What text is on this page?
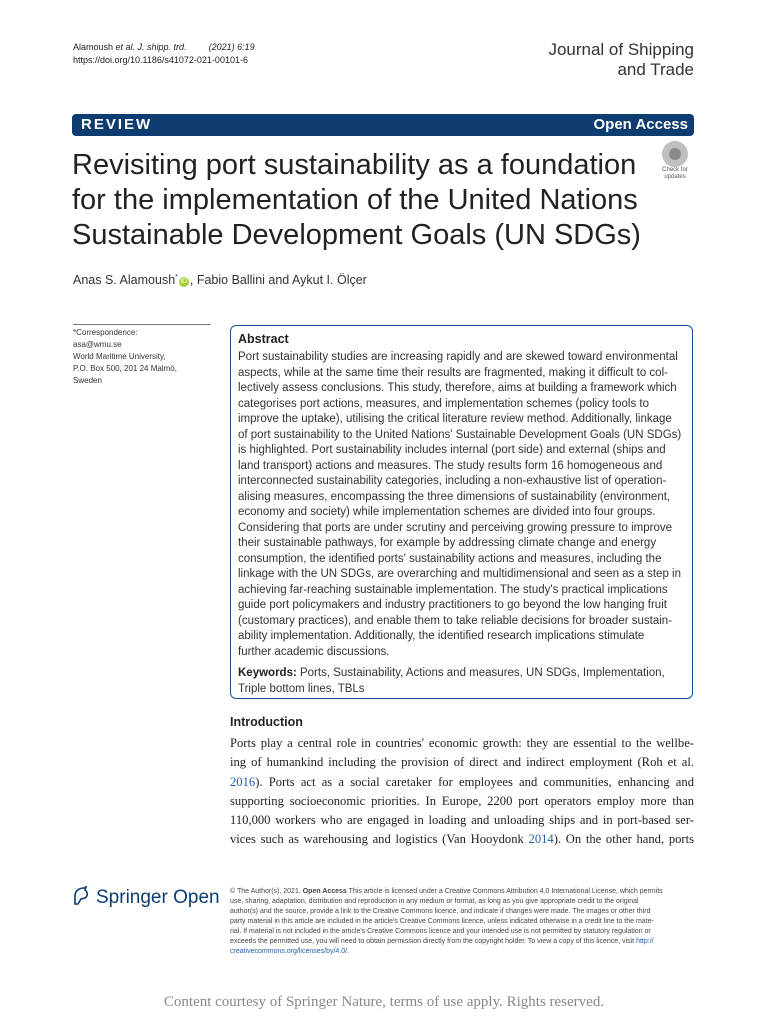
Alamoush et al. J. shipp. trd. (2021) 6:19
https://doi.org/10.1186/s41072-021-00101-6
Journal of Shipping
and Trade
REVIEW	Open Access
Revisiting port sustainability as a foundation for the implementation of the United Nations Sustainable Development Goals (UN SDGs)
Check for
updates
Anas S. Alamoush*iD , Fabio Ballini and Aykut I. Ölçer
*Correspondence:
asa@wmu.se
World Maritime University,
P.O. Box 500, 201 24 Malmö,
Sweden
Abstract
Port sustainability studies are increasing rapidly and are skewed toward environmental
aspects, while at the same time their results are fragmented, making it difficult to col-
lectively assess conclusions. This study, therefore, aims at building a framework which
categorises port actions, measures, and implementation schemes (policy tools to
improve the uptake), utilising the critical literature review method. Additionally, linkage
of port sustainability to the United Nations' Sustainable Development Goals (UN SDGs)
is highlighted. Port sustainability includes internal (port side) and external (ships and
land transport) actions and measures. The study results form 16 homogeneous and
interconnected sustainability categories, including a non-exhaustive list of operation-
alising measures, encompassing the three dimensions of sustainability (environment,
economy and society) while implementation schemes are divided into four groups.
Considering that ports are under scrutiny and perceiving growing pressure to improve
their sustainable pathways, for example by addressing climate change and energy
consumption, the identified ports' sustainability actions and measures, including the
linkage with the UN SDGs, are overarching and multidimensional and seen as a step in
achieving far-reaching sustainable implementation. The study's practical implications
guide port policymakers and industry practitioners to go beyond the low hanging fruit
(customary practices), and enable them to take reliable decisions for broader sustain-
ability implementation. Additionally, the identified research implications stimulate
further academic discussions.
Keywords: Ports, Sustainability, Actions and measures, UN SDGs, Implementation,
Triple bottom lines, TBLs
Introduction
Ports play a central role in countries' economic growth: they are essential to the wellbe-
ing of humankind including the provision of direct and indirect employment (Roh et al.
2016). Ports act as a social caretaker for employees and communities, enhancing and
supporting socioeconomic priorities. In Europe, 2200 port operators employ more than
110,000 workers who are engaged in loading and unloading ships and in port-based ser-
vices such as warehousing and logistics (Van Hooydonk 2014). On the other hand, ports
Springer Open © The Author(s), 2021. Open Access This article is licensed under a Creative Commons Attribution 4.0 International License, which permits
use, sharing, adaptation, distribution and reproduction in any medium or format, as long as you give appropriate credit to the original
author(s) and the source, provide a link to the Creative Commons licence, and indicate if changes were made. The images or other third
party material in this article are included in the article's Creative Commons licence, unless indicated otherwise in a credit line to the mate-
rial. If material is not included in the article's Creative Commons licence and your intended use is not permitted by statutory regulation or
exceeds the permitted use, you will need to obtain permission directly from the copyright holder. To view a copy of this licence, visit http://
creativecommons.org/licenses/by/4.0/.
Content courtesy of Springer Nature, terms of use apply. Rights reserved.
